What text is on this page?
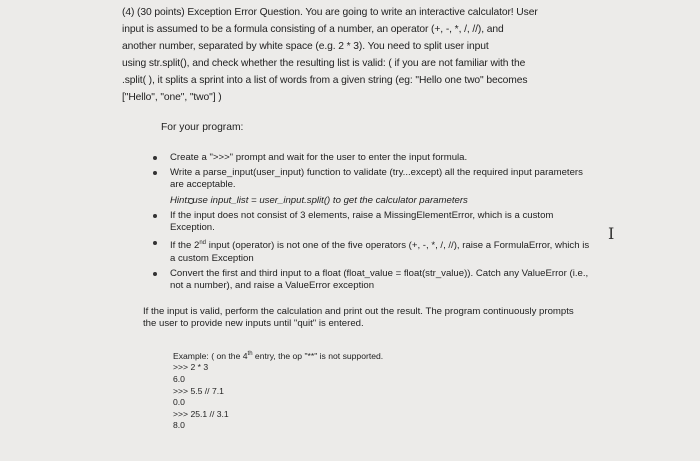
(4) (30 points) Exception Error Question. You are going to write an interactive calculator! User

input is assumed to be a formula consisting of a number, an operator (+, -, *, /, //), and

another number, separated by white space (e.g. 2 * 3). You need to split user input

using str.split(), and check whether the resulting list is valid: ( if you are not familiar with the

.split( ), it splits a sprint into a list of words from a given string (eg: "Hello one two" becomes

["Hello", "one", "two"] )

For your program:
Create a ">>>" prompt and wait for the user to enter the input formula.
Write a parse_input(user_input) function to validate (try...except) all the required input parameters are acceptable.
Hint: use input_list = user_input.split() to get the calculator parameters
If the input does not consist of 3 elements, raise a MissingElementError, which is a custom Exception.
If the 2nd input (operator) is not one of the five operators (+, -, *, /, //), raise a FormulaError, which is a custom Exception
Convert the first and third input to a float (float_value = float(str_value)). Catch any ValueError (i.e., not a number), and raise a ValueError exception
If the input is valid, perform the calculation and print out the result. The program continuously prompts the user to provide new inputs until "quit" is entered.
Example: ( on the 4th entry, the op "**" is not supported.
>>> 2 * 3
6.0
>>> 5.5 // 7.1
0.0
>>> 25.1 // 3.1
8.0
I
